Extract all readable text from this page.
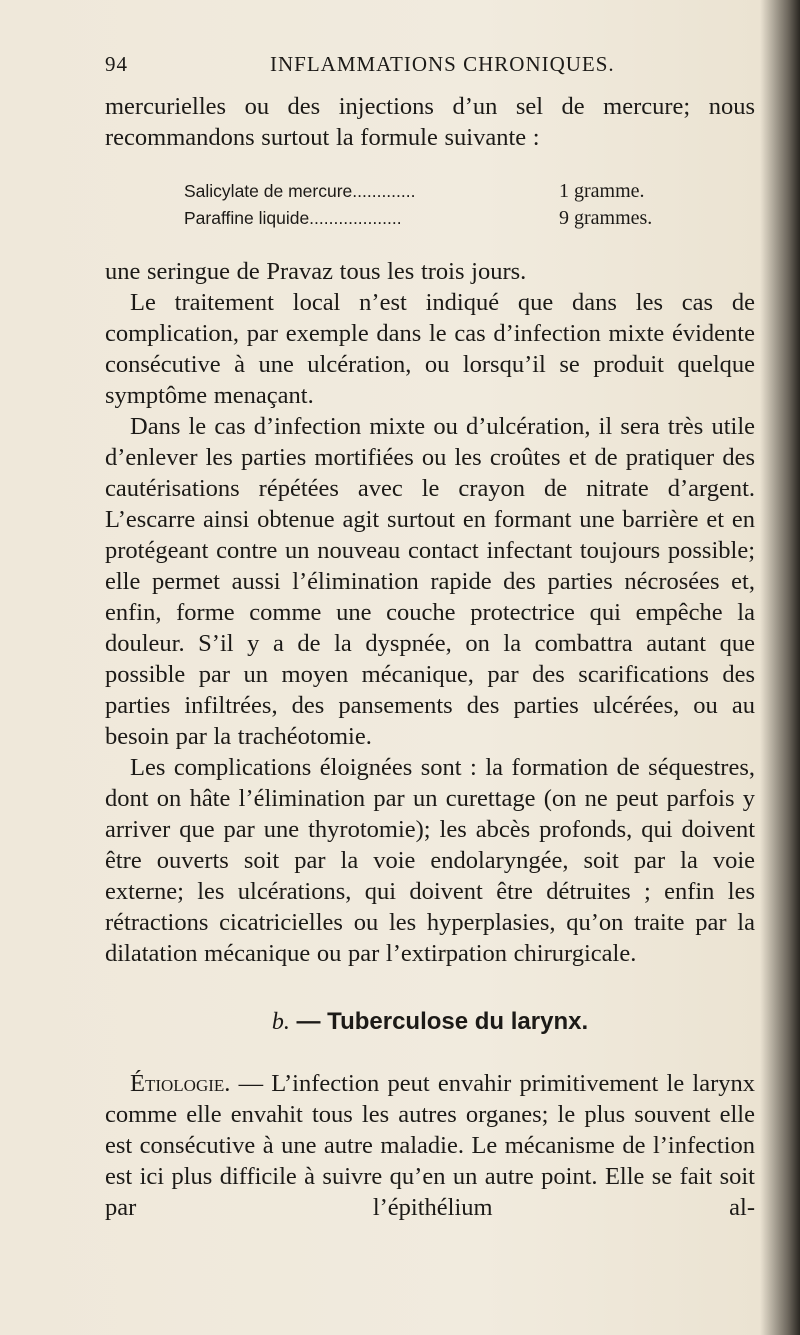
94	INFLAMMATIONS CHRONIQUES.

mercurielles ou des injections d’un sel de mercure; nous recommandons surtout la formule suivante :

Salicylate de mercure.............	1 gramme.
Paraffine liquide...................	9 grammes.

une seringue de Pravaz tous les trois jours.

Le traitement local n’est indiqué que dans les cas de complication, par exemple dans le cas d’infection mixte évidente consécutive à une ulcération, ou lorsqu’il se produit quelque symptôme menaçant.

Dans le cas d’infection mixte ou d’ulcération, il sera très utile d’enlever les parties mortifiées ou les croûtes et de pratiquer des cautérisations répétées avec le crayon de nitrate d’argent. L’escarre ainsi obtenue agit surtout en formant une barrière et en protégeant contre un nouveau contact infectant toujours possible; elle permet aussi l’élimination rapide des parties nécrosées et, enfin, forme comme une couche protectrice qui empêche la douleur. S’il y a de la dyspnée, on la combattra autant que possible par un moyen mécanique, par des scarifications des parties infiltrées, des pansements des parties ulcérées, ou au besoin par la trachéotomie.

Les complications éloignées sont : la formation de séquestres, dont on hâte l’élimination par un curettage (on ne peut parfois y arriver que par une thyrotomie); les abcès profonds, qui doivent être ouverts soit par la voie endolaryngée, soit par la voie externe; les ulcérations, qui doivent être détruites ; enfin les rétractions cicatricielles ou les hyperplasies, qu’on traite par la dilatation mécanique ou par l’extirpation chirurgicale.

b. — Tuberculose du larynx.

Étiologie. — L’infection peut envahir primitivement le larynx comme elle envahit tous les autres organes; le plus souvent elle est consécutive à une autre maladie. Le mécanisme de l’infection est ici plus difficile à suivre qu’en un autre point. Elle se fait soit par l’épithélium al-
